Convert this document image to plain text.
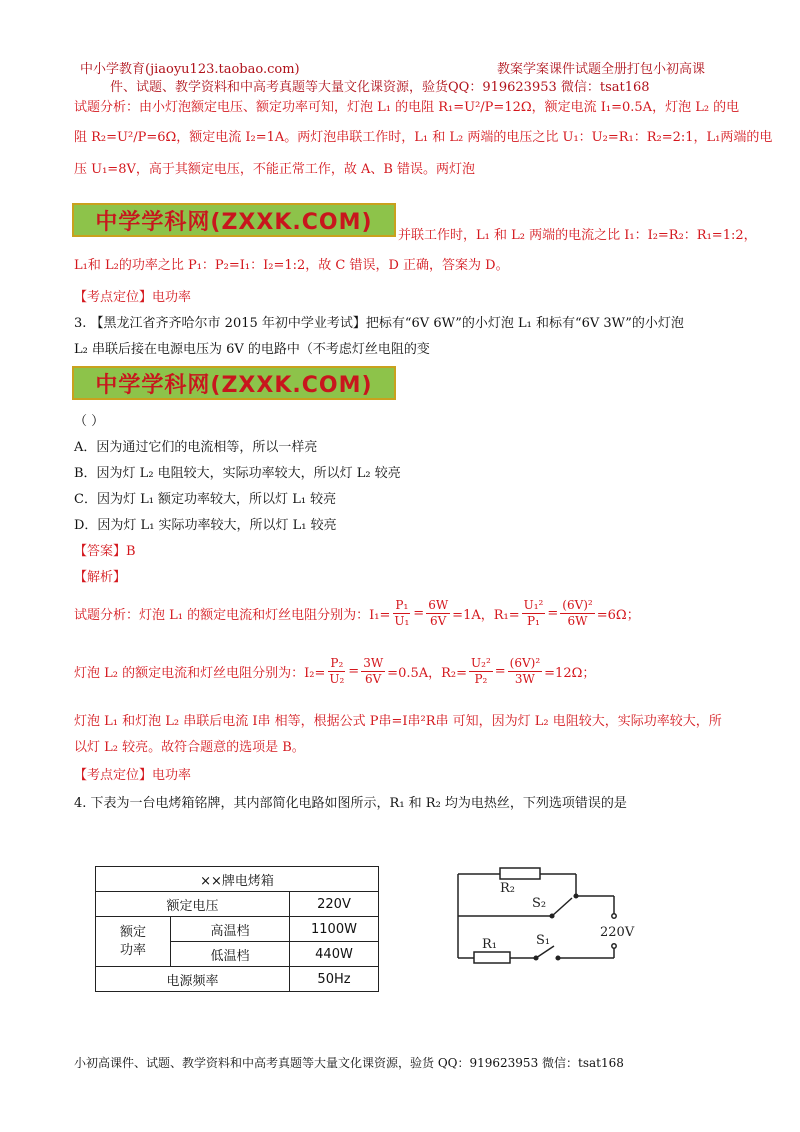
中小学教育(jiaoyu123.taobao.com)	教案学案课件试题全册打包小初高课
件、试题、教学资料和中高考真题等大量文化课资源，验货QQ：919623953 微信：tsat168
试题分析：由小灯泡额定电压、额定功率可知，灯泡 L₁ 的电阻 R₁=U²/P=12Ω，额定电流 I₁=0.5A，灯泡 L₂ 的电
阻 R₂=U²/P=6Ω，额定电流 I₂=1A。两灯泡串联工作时，L₁ 和 L₂ 两端的电压之比 U₁：U₂=R₁：R₂=2:1，L₁两端的电
压 U₁=8V，高于其额定电压，不能正常工作，故 A、B 错误。两灯泡
中学学科网(ZXXK.COM)
并联工作时，L₁ 和 L₂ 两端的电流之比 I₁：I₂=R₂：R₁=1:2，
L₁和 L₂的功率之比 P₁：P₂=I₁：I₂=1:2，故 C 错误，D 正确，答案为 D。
【考点定位】电功率
3. 【黑龙江省齐齐哈尔市 2015 年初中学业考试】把标有“6V 6W”的小灯泡 L₁ 和标有“6V 3W”的小灯泡
L₂ 串联后接在电源电压为 6V 的电路中（不考虑灯丝电阻的变
中学学科网(ZXXK.COM)
（ ）
A．因为通过它们的电流相等，所以一样亮
B．因为灯 L₂ 电阻较大，实际功率较大，所以灯 L₂ 较亮
C．因为灯 L₁ 额定功率较大，所以灯 L₁ 较亮
D．因为灯 L₁ 实际功率较大，所以灯 L₁ 较亮
【答案】B
【解析】
试题分析：灯泡 L₁ 的额定电流和灯丝电阻分别为：$I_1= \frac{\text{P₁}}{\text{U₁}} = \frac{6W}{6V} =1A$，$R_1= \frac{\text{U₁²}}{\text{P₁}} = \frac{\text{(6V)²}}{6W} =6\Omega$；
灯泡 L₂ 的额定电流和灯丝电阻分别为：$I_2= \frac{\text{P₂}}{\text{U₂}} = \frac{3W}{6V} =0.5A$，$R_2= \frac{\text{U₂²}}{\text{P₂}} = \frac{\text{(6V)²}}{3W} =12\Omega$；
灯泡 L₁ 和灯泡 L₂ 串联后电流 I串 相等，根据公式 P串=I串²R串 可知，因为灯 L₂ 电阻较大，实际功率较大，所
以灯 L₂ 较亮。故符合题意的选项是 B。
【考点定位】电功率
4. 下表为一台电烤箱铭牌，其内部简化电路如图所示，R₁ 和 R₂ 均为电热丝，下列选项错误的是
××牌电烤箱		
额定电压		220V

额定
功率	高温档	1100W
	低温档	440W
电源频率		50Hz
R₂
S₂
R₁	S₁
220V
小初高课件、试题、教学资料和中高考真题等大量文化课资源，验货 QQ：919623953 微信：tsat168
